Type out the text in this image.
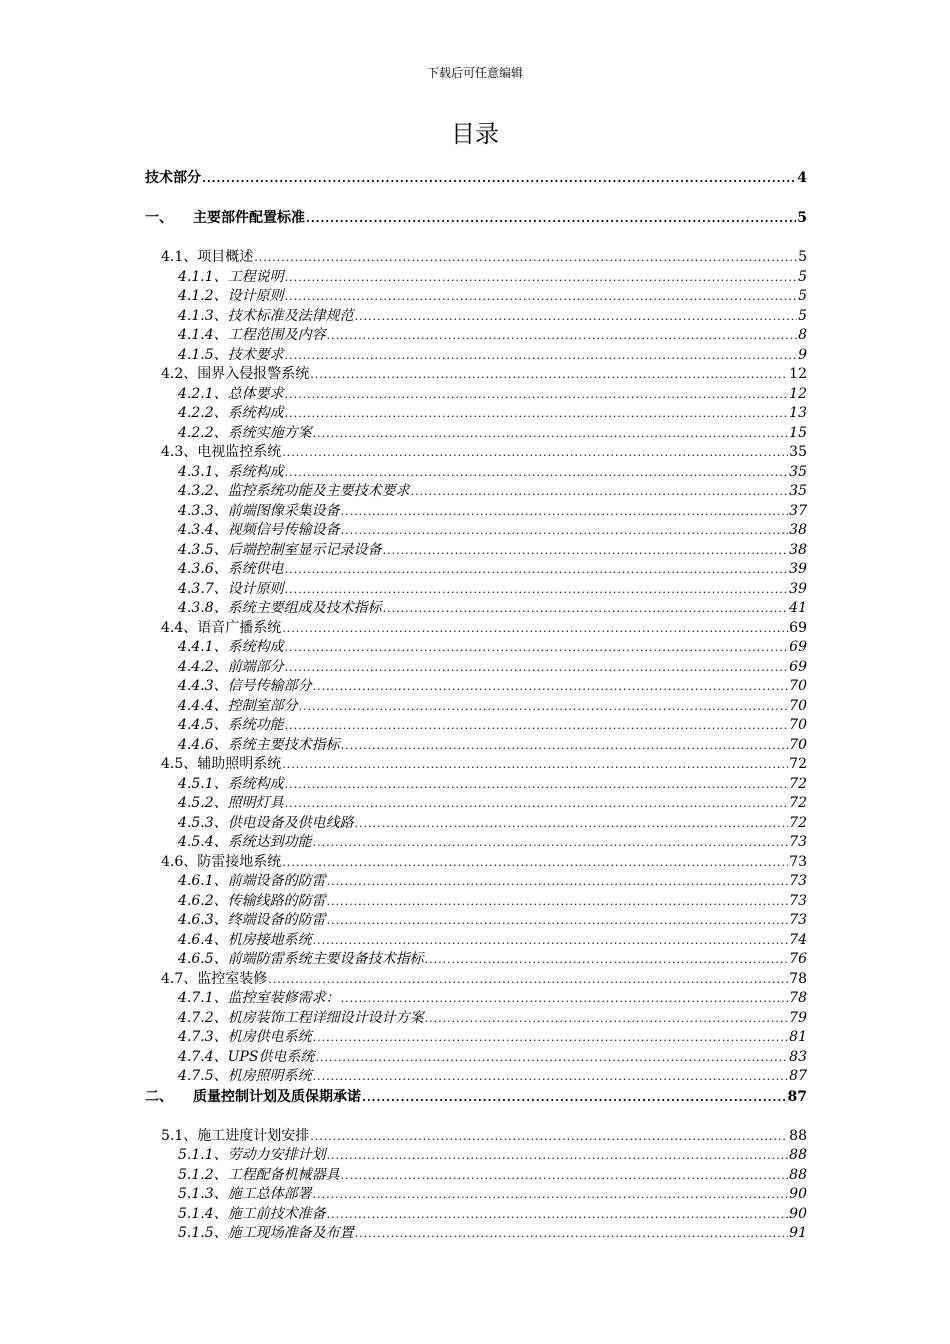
下载后可任意编辑
目录
技术部分 .....	4
一、	主要部件配置标准 .....	5
4.1、项目概述 .....	5
4.1.1、工程说明 .....	5
4.1.2、设计原则 .....	5
4.1.3、技术标准及法律规范 .....	5
4.1.4、工程范围及内容 .....	8
4.1.5、技术要求 .....	9
4.2、围界入侵报警系统 .....	12
4.2.1、总体要求 .....	12
4.2.2、系统构成 .....	13
4.2.2、系统实施方案 .....	15
4.3、电视监控系统 .....	35
4.3.1、系统构成 .....	35
4.3.2、监控系统功能及主要技术要求 .....	35
4.3.3、前端图像采集设备 .....	37
4.3.4、视频信号传输设备 .....	38
4.3.5、后端控制室显示记录设备 .....	38
4.3.6、系统供电 .....	39
4.3.7、设计原则 .....	39
4.3.8、系统主要组成及技术指标 .....	41
4.4、语音广播系统 .....	69
4.4.1、系统构成 .....	69
4.4.2、前端部分 .....	69
4.4.3、信号传输部分 .....	70
4.4.4、控制室部分 .....	70
4.4.5、系统功能 .....	70
4.4.6、系统主要技术指标 .....	70
4.5、辅助照明系统 .....	72
4.5.1、系统构成 .....	72
4.5.2、照明灯具 .....	72
4.5.3、供电设备及供电线路 .....	72
4.5.4、系统达到功能 .....	73
4.6、防雷接地系统 .....	73
4.6.1、前端设备的防雷 .....	73
4.6.2、传输线路的防雷 .....	73
4.6.3、终端设备的防雷 .....	73
4.6.4、机房接地系统 .....	74
4.6.5、前端防雷系统主要设备技术指标 .....	76
4.7、监控室装修 .....	78
4.7.1、监控室装修需求： .....	78
4.7.2、机房装饰工程详细设计设计方案 .....	79
4.7.3、机房供电系统 .....	81
4.7.4、UPS供电系统 .....	83
4.7.5、机房照明系统 .....	87
二、	质量控制计划及质保期承诺 .....	87
5.1、施工进度计划安排 .....	88
5.1.1、劳动力安排计划 .....	88
5.1.2、工程配备机械器具 .....	88
5.1.3、施工总体部署 .....	90
5.1.4、施工前技术准备 .....	90
5.1.5、施工现场准备及布置 .....	91
